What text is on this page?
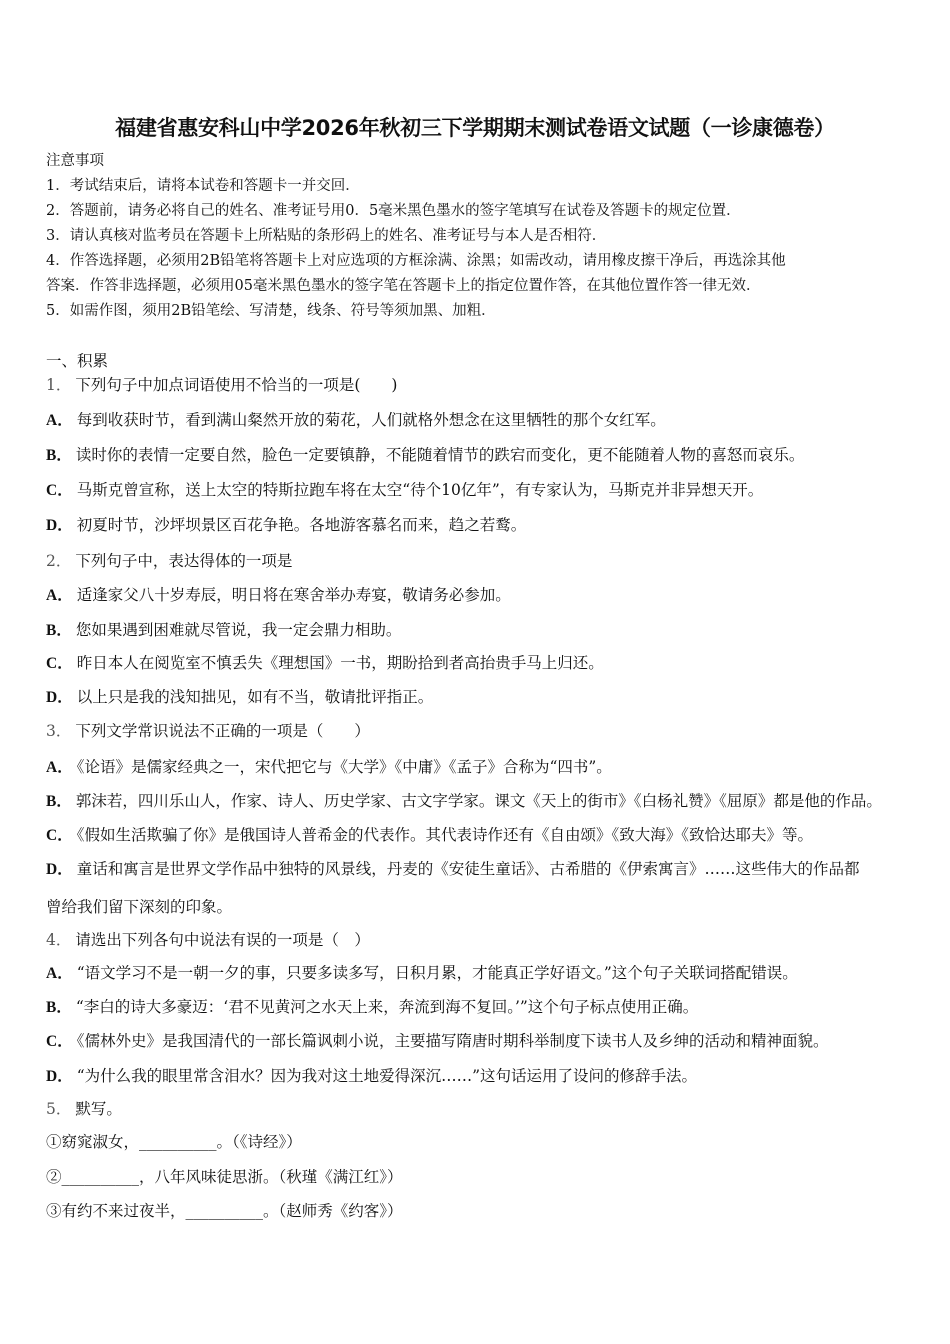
福建省惠安科山中学2026年秋初三下学期期末测试卷语文试题（一诊康德卷）
注意事项
1．考试结束后，请将本试卷和答题卡一并交回．
2．答题前，请务必将自己的姓名、准考证号用0．5毫米黑色墨水的签字笔填写在试卷及答题卡的规定位置．
3．请认真核对监考员在答题卡上所粘贴的条形码上的姓名、准考证号与本人是否相符．
4．作答选择题，必须用2B铅笔将答题卡上对应选项的方框涂满、涂黑；如需改动，请用橡皮擦干净后，再选涂其他
答案．作答非选择题，必须用05毫米黑色墨水的签字笔在答题卡上的指定位置作答，在其他位置作答一律无效．
5．如需作图，须用2B铅笔绘、写清楚，线条、符号等须加黑、加粗．
一、积累
1． 下列句子中加点词语使用不恰当的一项是(　　)
A． 每到收获时节，看到满山粲然开放的菊花，人们就格外想念在这里牺牲的那个女红军。
B． 读时你的表情一定要自然，脸色一定要镇静，不能随着情节的跌宕而变化，更不能随着人物的喜怒而哀乐。
C． 马斯克曾宣称，送上太空的特斯拉跑车将在太空“待个10亿年”，有专家认为，马斯克并非异想天开。
D． 初夏时节，沙坪坝景区百花争艳。各地游客慕名而来，趋之若鹜。
2． 下列句子中，表达得体的一项是
A． 适逢家父八十岁寿辰，明日将在寒舍举办寿宴，敬请务必参加。
B． 您如果遇到困难就尽管说，我一定会鼎力相助。
C． 昨日本人在阅览室不慎丢失《理想国》一书，期盼拾到者高抬贵手马上归还。
D． 以上只是我的浅知拙见，如有不当，敬请批评指正。
3． 下列文学常识说法不正确的一项是（　　）
A． 《论语》是儒家经典之一，宋代把它与《大学》《中庸》《孟子》合称为“四书”。
B． 郭沫若，四川乐山人，作家、诗人、历史学家、古文字学家。课文《天上的街市》《白杨礼赞》《屈原》都是他的作品。
C． 《假如生活欺骗了你》是俄国诗人普希金的代表作。其代表诗作还有《自由颂》《致大海》《致恰达耶夫》等。
D． 童话和寓言是世界文学作品中独特的风景线，丹麦的《安徒生童话》、古希腊的《伊索寓言》……这些伟大的作品都
曾给我们留下深刻的印象。
4． 请选出下列各句中说法有误的一项是（　）
A． “语文学习不是一朝一夕的事，只要多读多写，日积月累，才能真正学好语文。”这个句子关联词搭配错误。
B． “李白的诗大多豪迈：‘君不见黄河之水天上来，奔流到海不复回。’”这个句子标点使用正确。
C． 《儒林外史》是我国清代的一部长篇讽刺小说，主要描写隋唐时期科举制度下读书人及乡绅的活动和精神面貌。
D． “为什么我的眼里常含泪水？因为我对这土地爱得深沉……”这句话运用了设问的修辞手法。
5． 默写。
①窈窕淑女，__________。（《诗经》）
②__________，八年风味徒思浙。（秋瑾《满江红》）
③有约不来过夜半，__________。（赵师秀《约客》）
